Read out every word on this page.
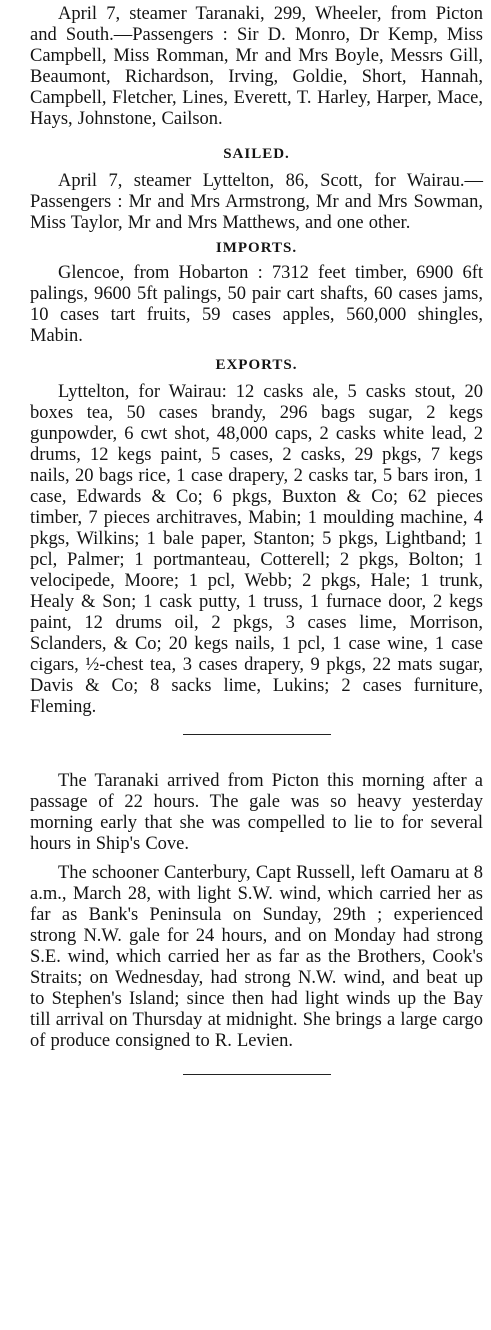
April 7, steamer Taranaki, 299, Wheeler, from Picton and South.—Passengers : Sir D. Monro, Dr Kemp, Miss Campbell, Miss Romman, Mr and Mrs Boyle, Messrs Gill, Beaumont, Richardson, Irving, Goldie, Short, Hannah, Campbell, Fletcher, Lines, Everett, T. Harley, Harper, Mace, Hays, Johnstone, Cailson.

SAILED.

April 7, steamer Lyttelton, 86, Scott, for Wairau.—Passengers : Mr and Mrs Armstrong, Mr and Mrs Sowman, Miss Taylor, Mr and Mrs Matthews, and one other.

IMPORTS.

Glencoe, from Hobarton : 7312 feet timber, 6900 6ft palings, 9600 5ft palings, 50 pair cart shafts, 60 cases jams, 10 cases tart fruits, 59 cases apples, 560,000 shingles, Mabin.

EXPORTS.

Lyttelton, for Wairau: 12 casks ale, 5 casks stout, 20 boxes tea, 50 cases brandy, 296 bags sugar, 2 kegs gunpowder, 6 cwt shot, 48,000 caps, 2 casks white lead, 2 drums, 12 kegs paint, 5 cases, 2 casks, 29 pkgs, 7 kegs nails, 20 bags rice, 1 case drapery, 2 casks tar, 5 bars iron, 1 case, Edwards & Co; 6 pkgs, Buxton & Co; 62 pieces timber, 7 pieces architraves, Mabin; 1 moulding machine, 4 pkgs, Wilkins; 1 bale paper, Stanton; 5 pkgs, Lightband; 1 pcl, Palmer; 1 portmanteau, Cotterell; 2 pkgs, Bolton; 1 velocipede, Moore; 1 pcl, Webb; 2 pkgs, Hale; 1 trunk, Healy & Son; 1 cask putty, 1 truss, 1 furnace door, 2 kegs paint, 12 drums oil, 2 pkgs, 3 cases lime, Morrison, Sclanders, & Co; 20 kegs nails, 1 pcl, 1 case wine, 1 case cigars, ½-chest tea, 3 cases drapery, 9 pkgs, 22 mats sugar, Davis & Co; 8 sacks lime, Lukins; 2 cases furniture, Fleming.

The Taranaki arrived from Picton this morning after a passage of 22 hours. The gale was so heavy yesterday morning early that she was compelled to lie to for several hours in Ship's Cove.

The schooner Canterbury, Capt Russell, left Oamaru at 8 a.m., March 28, with light S.W. wind, which carried her as far as Bank's Peninsula on Sunday, 29th ; experienced strong N.W. gale for 24 hours, and on Monday had strong S.E. wind, which carried her as far as the Brothers, Cook's Straits; on Wednesday, had strong N.W. wind, and beat up to Stephen's Island; since then had light winds up the Bay till arrival on Thursday at midnight. She brings a large cargo of produce consigned to R. Levien.
